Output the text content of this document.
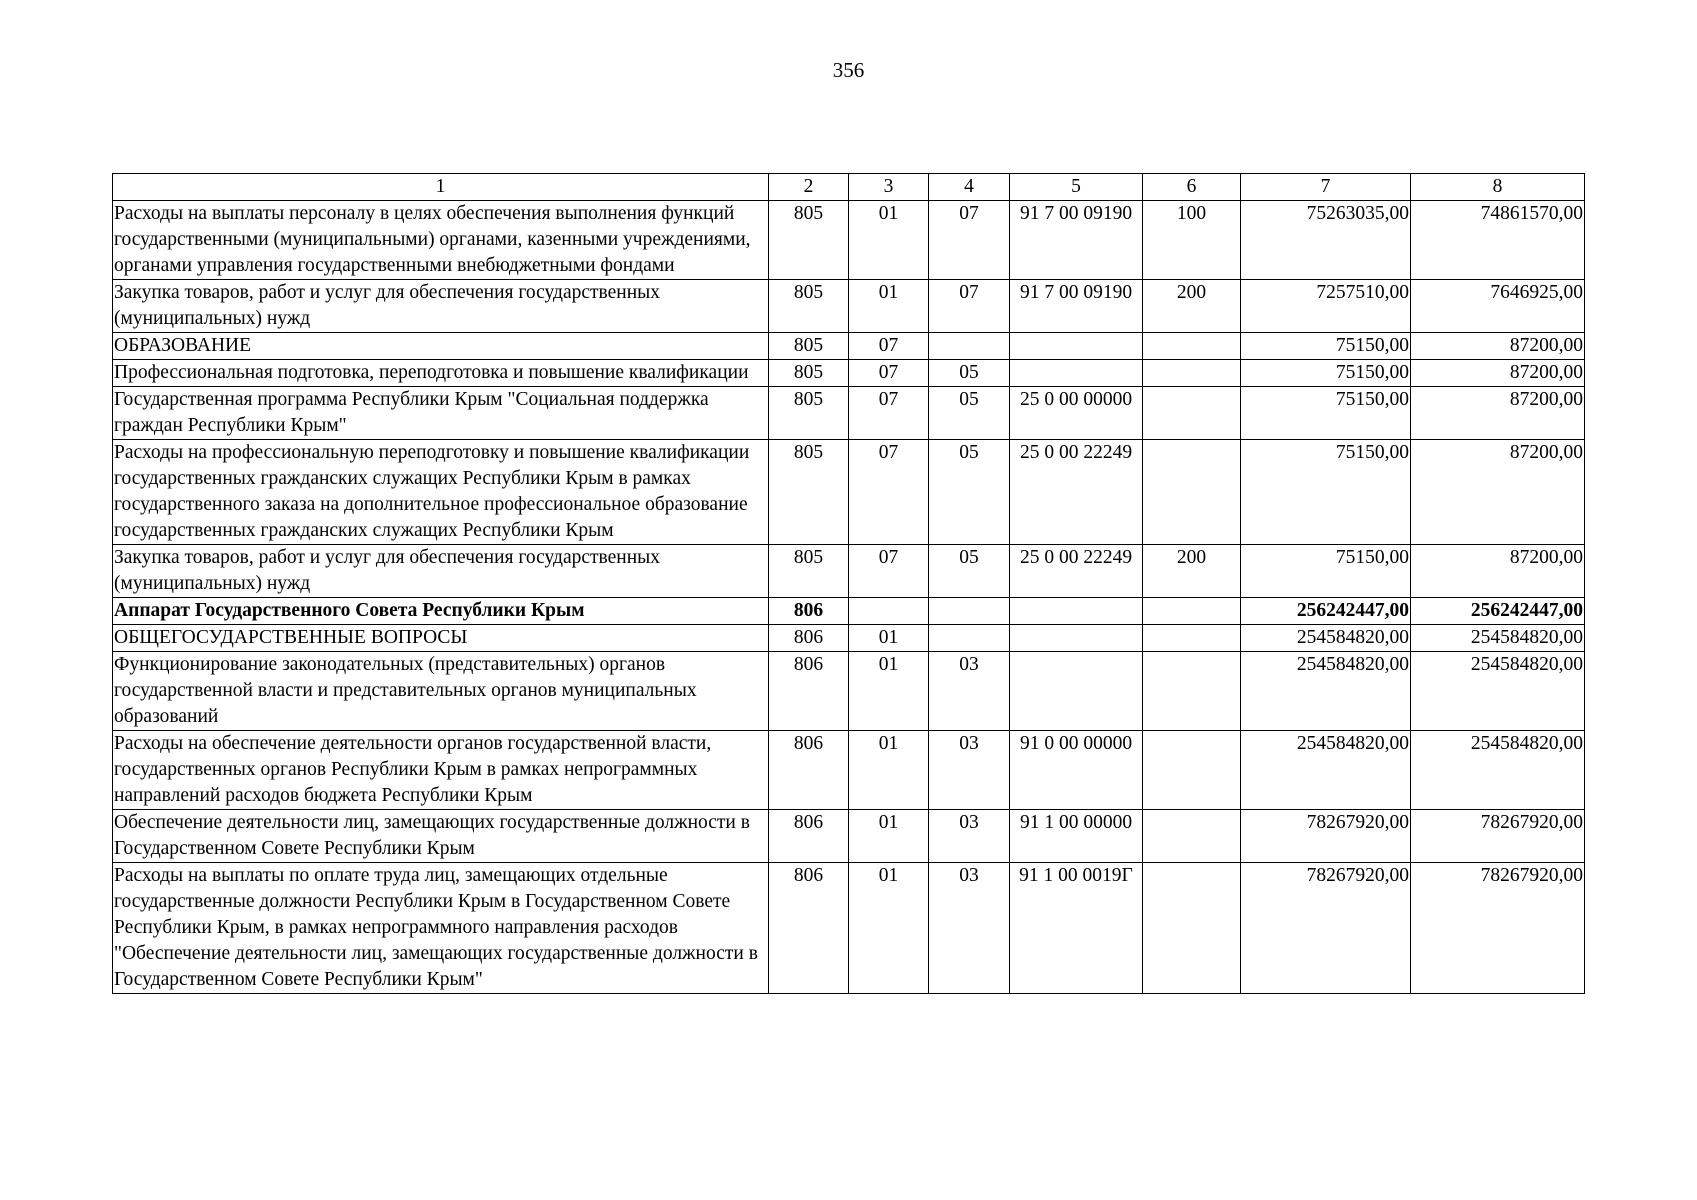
356
1	2	3	4	5	6	7	8
Расходы на выплаты персоналу в целях обеспечения выполнения функций государственными (муниципальными) органами, казенными учреждениями, органами управления государственными внебюджетными фондами	805	01	07	91 7 00 09190	100	75263035,00	74861570,00
Закупка товаров, работ и услуг для обеспечения государственных (муниципальных) нужд	805	01	07	91 7 00 09190	200	7257510,00	7646925,00
ОБРАЗОВАНИЕ	805	07				75150,00	87200,00
Профессиональная подготовка, переподготовка и повышение квалификации	805	07	05			75150,00	87200,00
Государственная программа Республики Крым "Социальная поддержка граждан Республики Крым"	805	07	05	25 0 00 00000		75150,00	87200,00
Расходы на профессиональную переподготовку и повышение квалификации государственных гражданских служащих Республики Крым в рамках государственного заказа на дополнительное профессиональное образование государственных гражданских служащих Республики Крым	805	07	05	25 0 00 22249		75150,00	87200,00
Закупка товаров, работ и услуг для обеспечения государственных (муниципальных) нужд	805	07	05	25 0 00 22249	200	75150,00	87200,00
Аппарат Государственного Совета Республики Крым	806					256242447,00	256242447,00
ОБЩЕГОСУДАРСТВЕННЫЕ ВОПРОСЫ	806	01				254584820,00	254584820,00
Функционирование законодательных (представительных) органов государственной власти и представительных органов муниципальных образований	806	01	03			254584820,00	254584820,00
Расходы на обеспечение деятельности органов государственной власти, государственных органов Республики Крым в рамках непрограммных направлений расходов бюджета Республики Крым	806	01	03	91 0 00 00000		254584820,00	254584820,00
Обеспечение деятельности лиц, замещающих государственные должности в Государственном Совете Республики Крым	806	01	03	91 1 00 00000		78267920,00	78267920,00
Расходы на выплаты по оплате труда лиц, замещающих отдельные государственные должности Республики Крым в Государственном Совете Республики Крым, в рамках непрограммного направления расходов "Обеспечение деятельности лиц, замещающих государственные должности в Государственном Совете Республики Крым"	806	01	03	91 1 00 0019Г		78267920,00	78267920,00
